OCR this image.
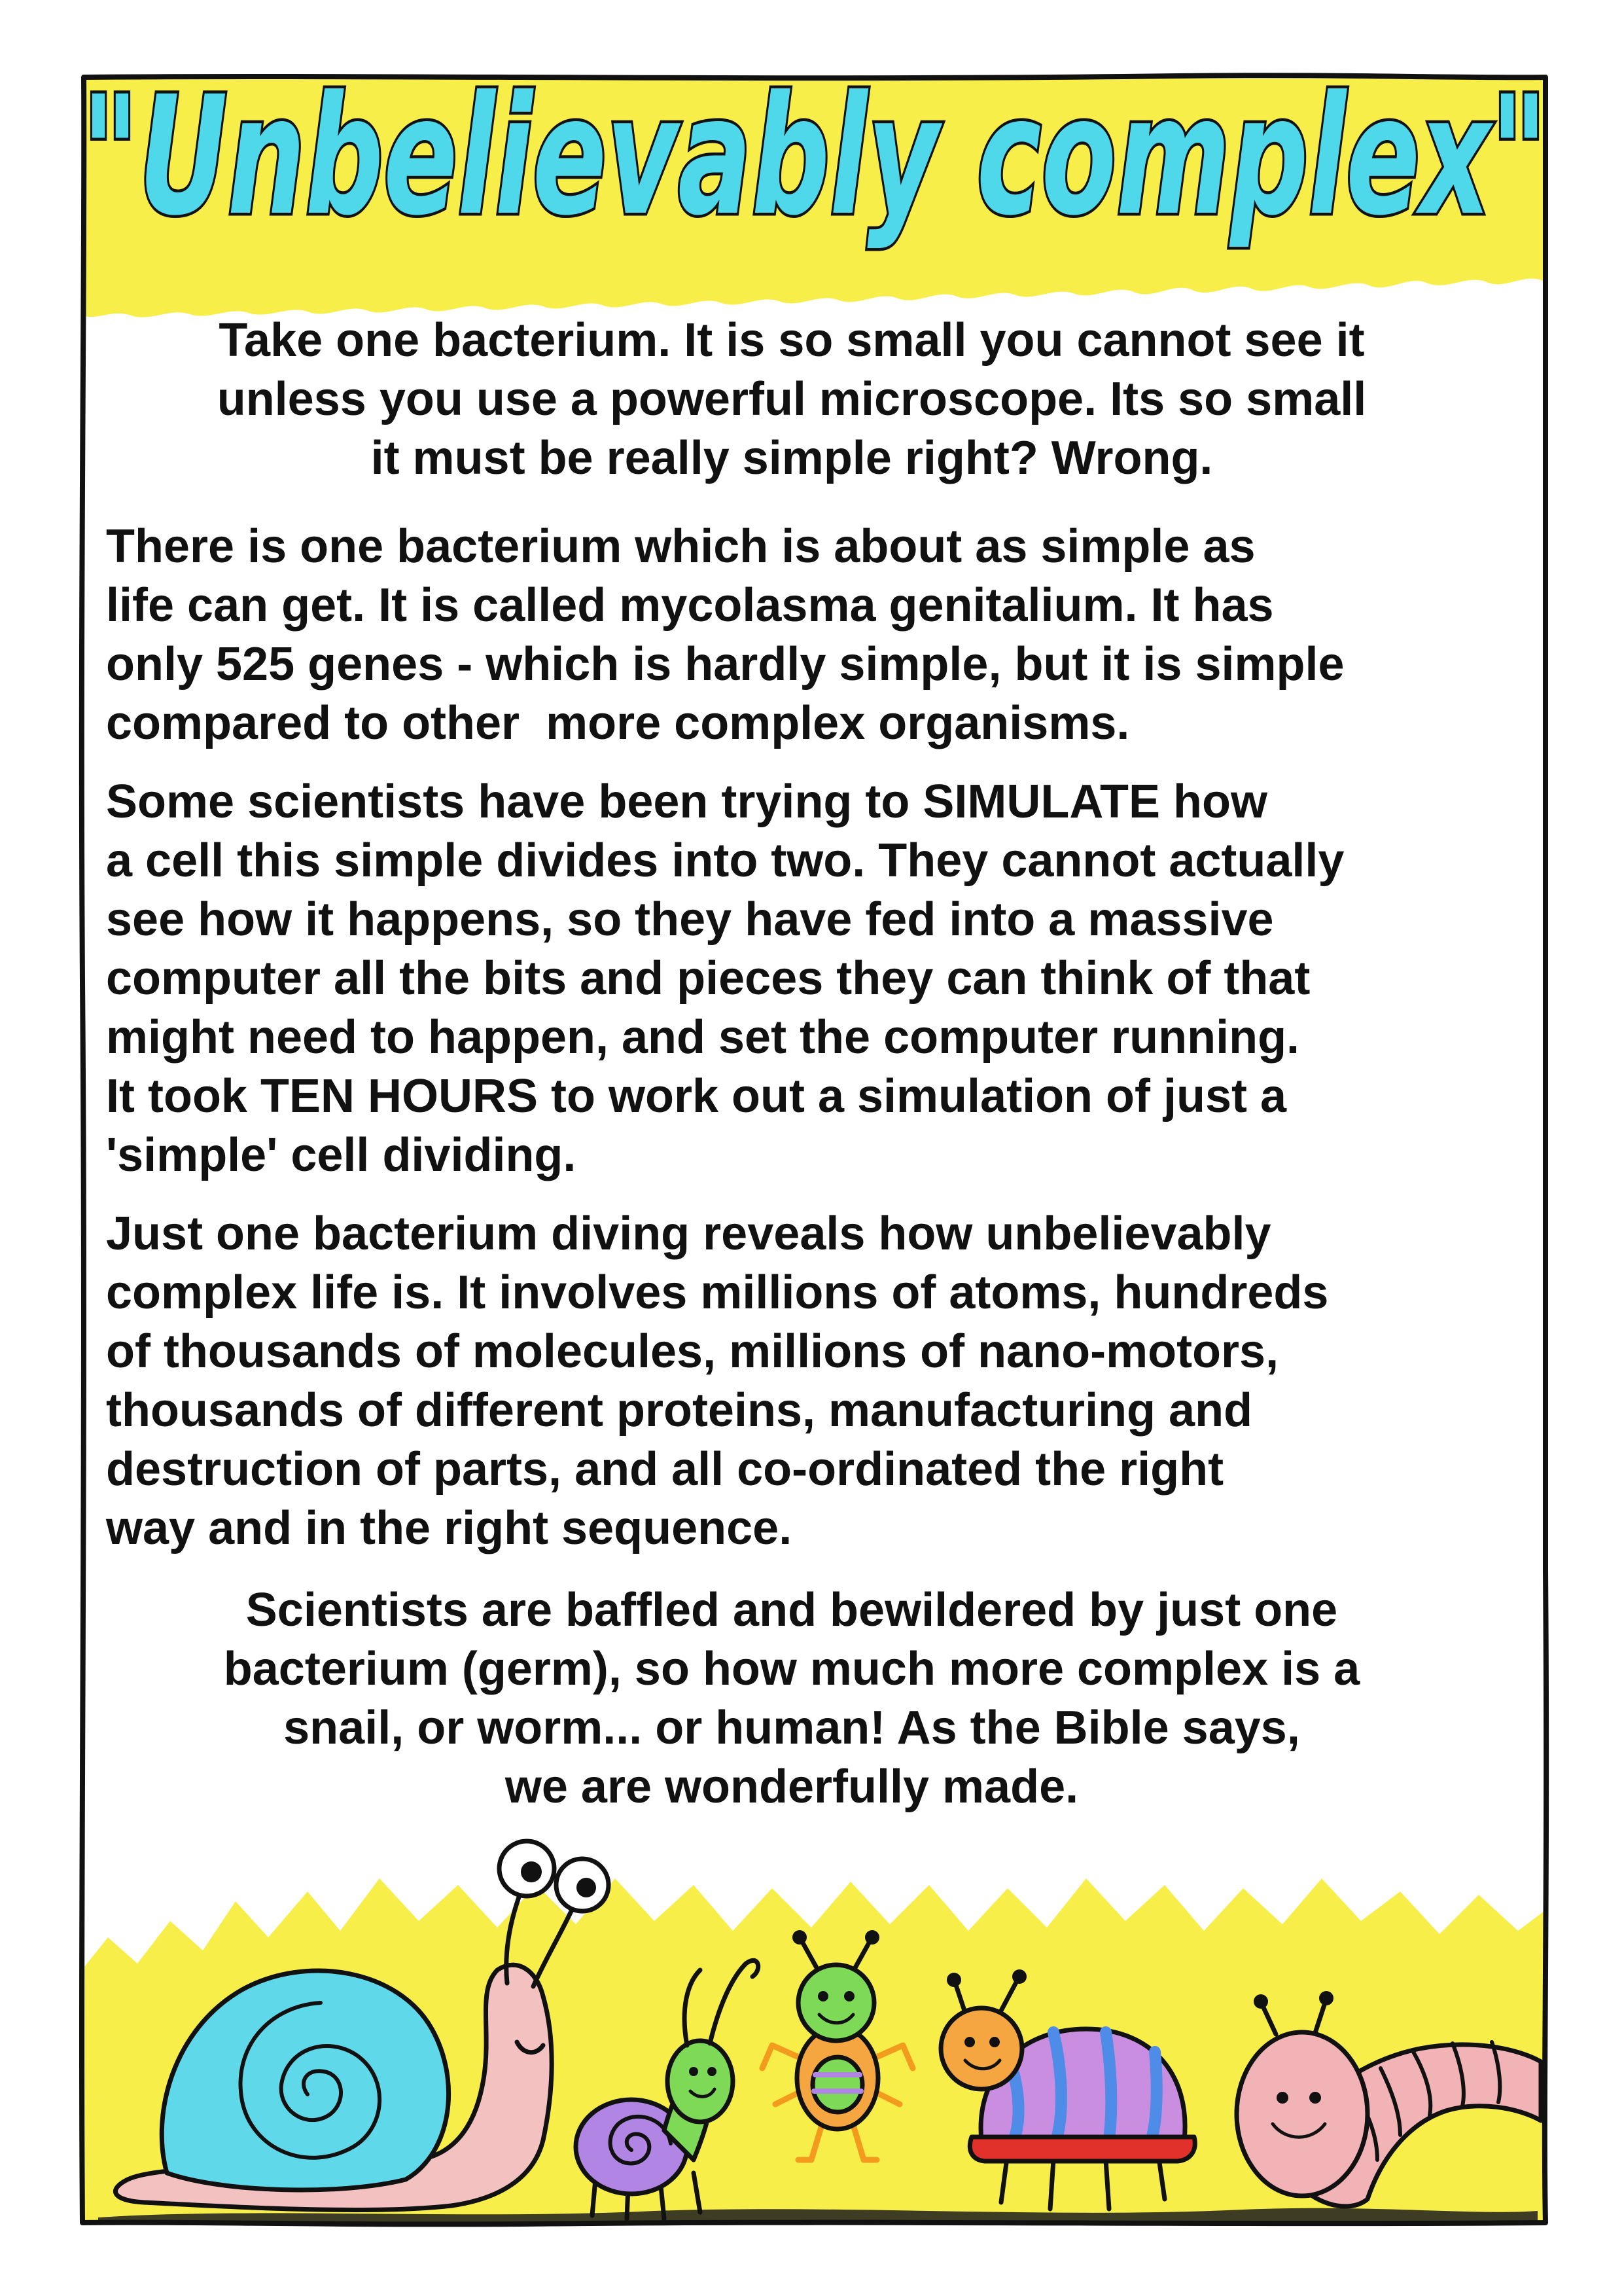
"Unbelievably complex"
Take one bacterium. It is so small you cannot see it
unless you use a powerful microscope. Its so small
it must be really simple right? Wrong.
There is one bacterium which is about as simple as
life can get. It is called mycolasma genitalium. It has
only 525 genes - which is hardly simple, but it is simple
compared to other  more complex organisms.
Some scientists have been trying to SIMULATE how
a cell this simple divides into two. They cannot actually
see how it happens, so they have fed into a massive
computer all the bits and pieces they can think of that
might need to happen, and set the computer running.
It took TEN HOURS to work out a simulation of just a
'simple' cell dividing.
Just one bacterium diving reveals how unbelievably
complex life is. It involves millions of atoms, hundreds
of thousands of molecules, millions of nano-motors,
thousands of different proteins, manufacturing and
destruction of parts, and all co-ordinated the right
way and in the right sequence.
Scientists are baffled and bewildered by just one
bacterium (germ), so how much more complex is a
snail, or worm... or human! As the Bible says,
we are wonderfully made.
